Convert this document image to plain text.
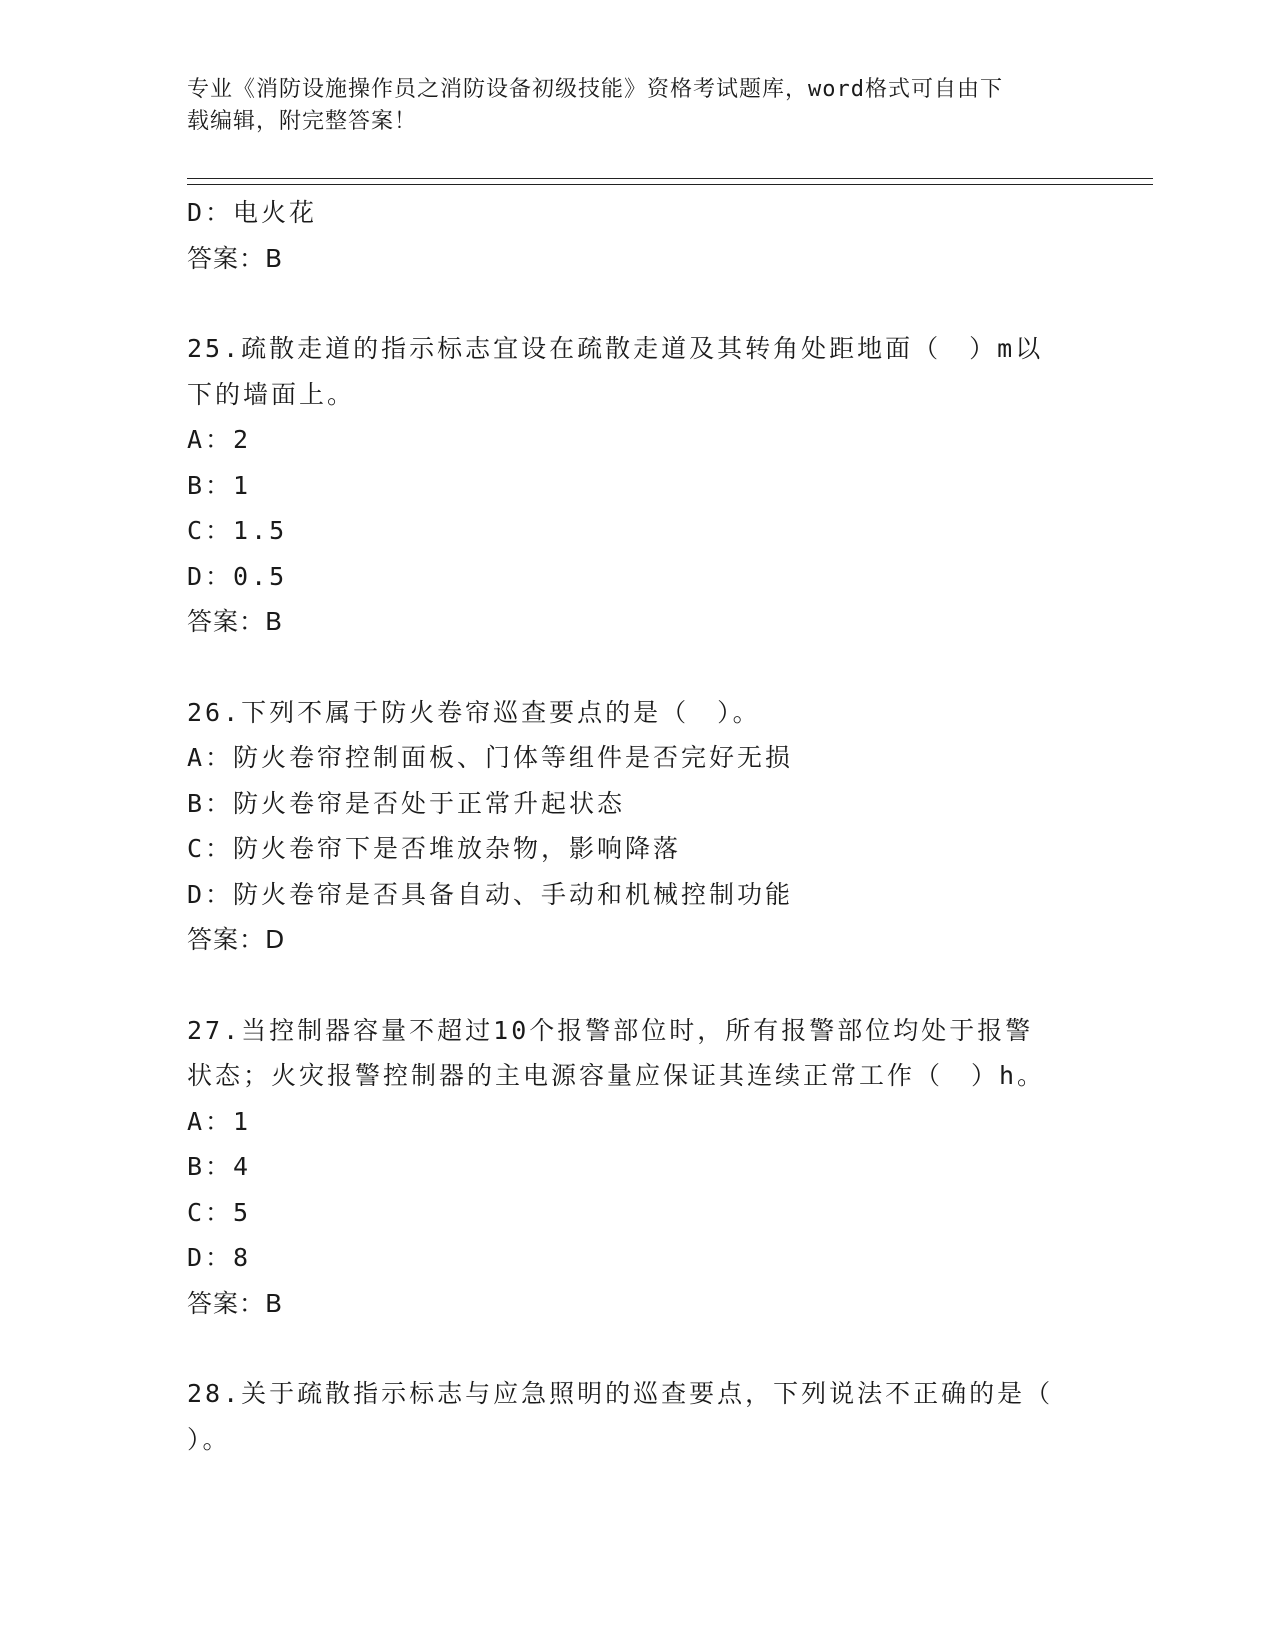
专业《消防设施操作员之消防设备初级技能》资格考试题库，word格式可自由下
载编辑，附完整答案！
D：电火花
答案：B
25.疏散走道的指示标志宜设在疏散走道及其转角处距地面（　）m以
下的墙面上。
A：2
B：1
C：1.5
D：0.5
答案：B
26.下列不属于防火卷帘巡查要点的是（　）。
A：防火卷帘控制面板、门体等组件是否完好无损
B：防火卷帘是否处于正常升起状态
C：防火卷帘下是否堆放杂物，影响降落
D：防火卷帘是否具备自动、手动和机械控制功能
答案：D
27.当控制器容量不超过10个报警部位时，所有报警部位均处于报警
状态；火灾报警控制器的主电源容量应保证其连续正常工作（　）h。
A：1
B：4
C：5
D：8
答案：B
28.关于疏散指示标志与应急照明的巡查要点，下列说法不正确的是（
）。
